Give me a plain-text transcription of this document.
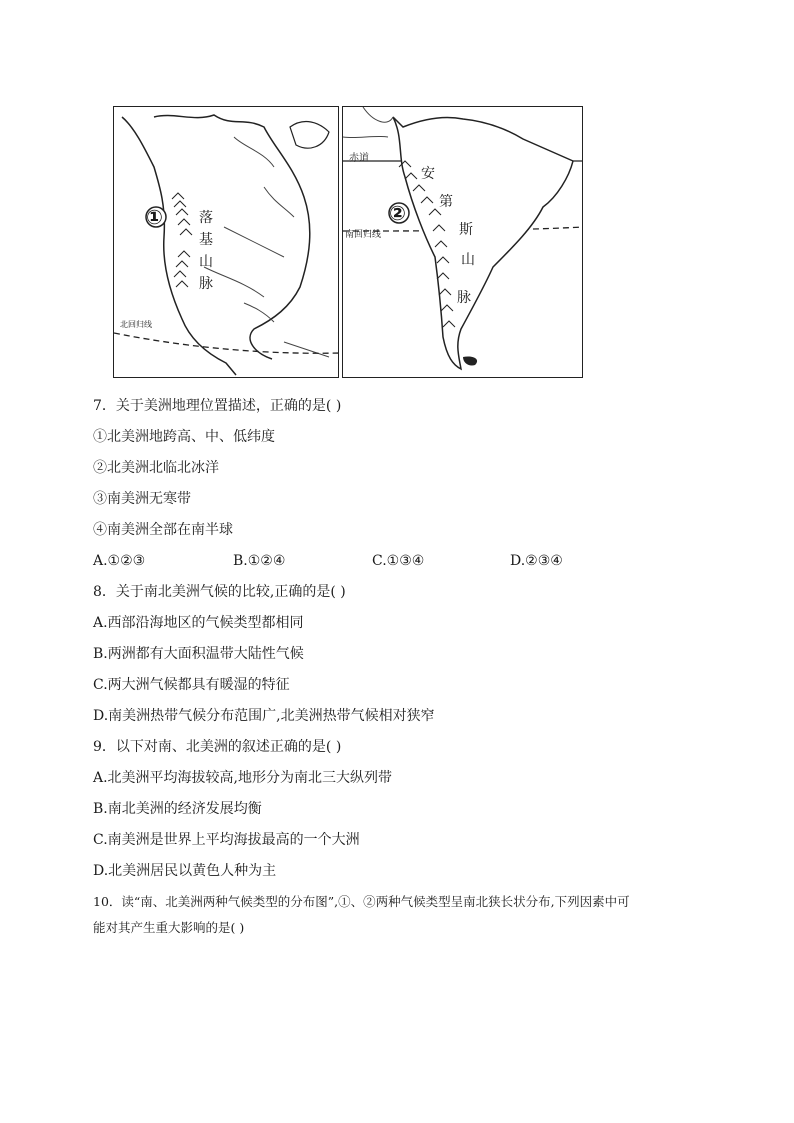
①	落
基
山
脉
北回归线
赤道
南回归线
②
安
第
斯
山
脉
7．关于美洲地理位置描述，正确的是( )
①北美洲地跨高、中、低纬度
②北美洲北临北冰洋
③南美洲无寒带
④南美洲全部在南半球
A.①②③	B.①②④	C.①③④	D.②③④
8．关于南北美洲气候的比较,正确的是( )
A.西部沿海地区的气候类型都相同
B.两洲都有大面积温带大陆性气候
C.两大洲气候都具有暖湿的特征
D.南美洲热带气候分布范围广,北美洲热带气候相对狭窄
9．以下对南、北美洲的叙述正确的是( )
A.北美洲平均海拔较高,地形分为南北三大纵列带
B.南北美洲的经济发展均衡
C.南美洲是世界上平均海拔最高的一个大洲
D.北美洲居民以黄色人种为主
10．读“南、北美洲两种气候类型的分布图”,①、②两种气候类型呈南北狭长状分布,下列因素中可
能对其产生重大影响的是( )
